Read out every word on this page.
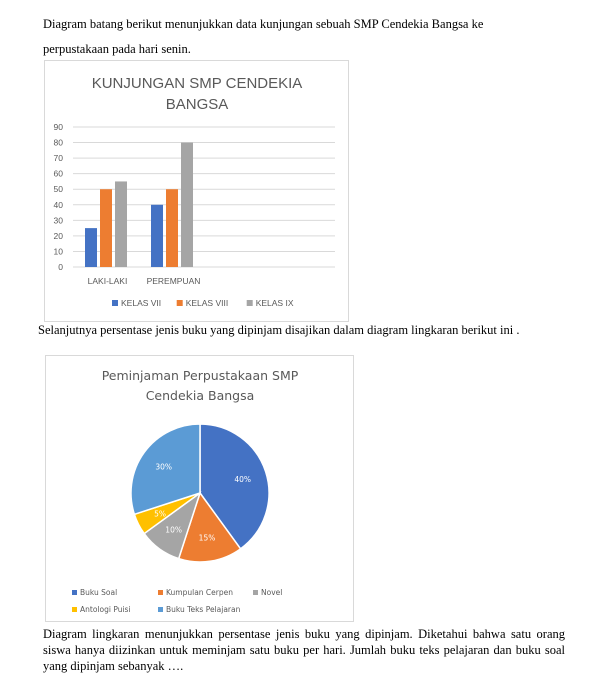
Diagram batang berikut menunjukkan data kunjungan sebuah SMP Cendekia Bangsa ke perpustakaan pada hari senin.

KUNJUNGAN SMP CENDEKIA
BANGSA
0
10
20
30
40
50
60
70
80
90
LAKI-LAKI PEREMPUAN
KELAS VII	KELAS VIII	KELAS IX

Selanjutnya persentase jenis buku yang dipinjam disajikan dalam diagram lingkaran berikut ini .

Peminjaman Perpustakaan SMP
Cendekia Bangsa
40%
15%
10%
5%
30%
Buku Soal	Kumpulan Cerpen	Novel
Antologi Puisi	Buku Teks Pelajaran

Diagram lingkaran menunjukkan persentase jenis buku yang dipinjam. Diketahui bahwa satu orang siswa hanya diizinkan untuk meminjam satu buku per hari. Jumlah buku teks pelajaran dan buku soal yang dipinjam sebanyak ….
